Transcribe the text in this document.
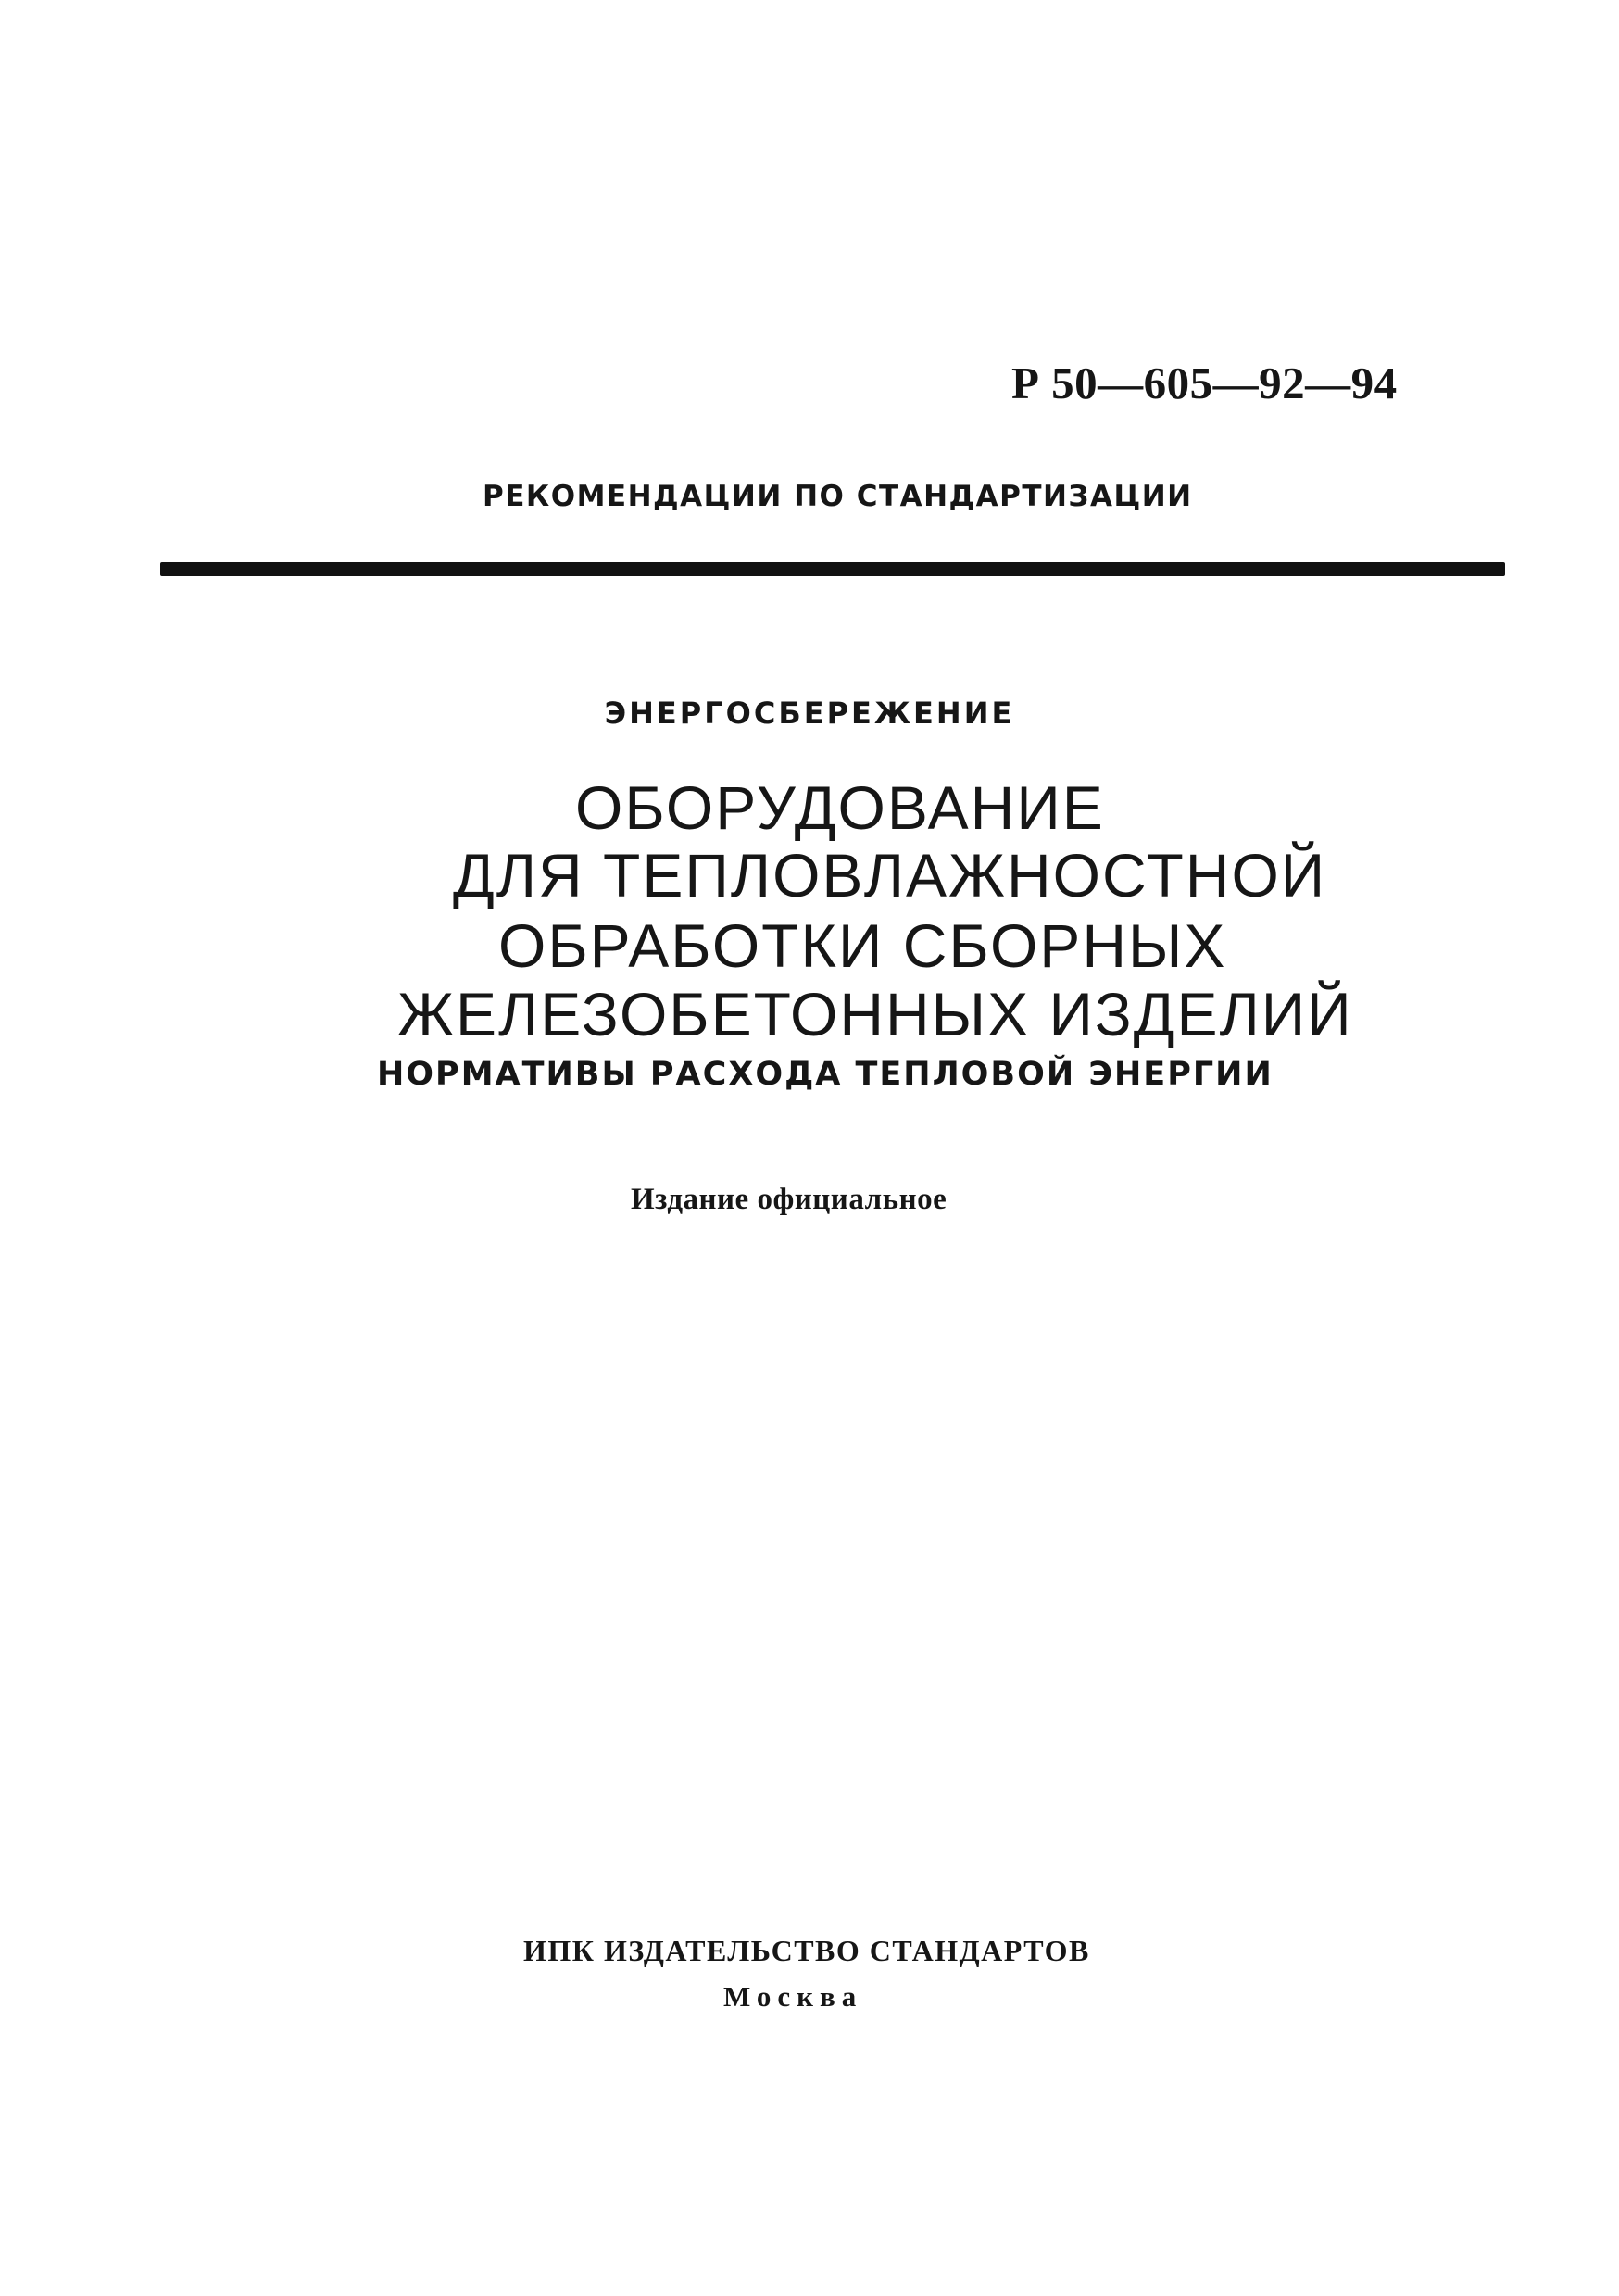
Р 50—605—92—94

РЕКОМЕНДАЦИИ ПО СТАНДАРТИЗАЦИИ

ЭНЕРГОСБЕРЕЖЕНИЕ

ОБОРУДОВАНИЕ

ДЛЯ ТЕПЛОВЛАЖНОСТНОЙ

ОБРАБОТКИ СБОРНЫХ

ЖЕЛЕЗОБЕТОННЫХ ИЗДЕЛИЙ

НОРМАТИВЫ РАСХОДА ТЕПЛОВОЙ ЭНЕРГИИ

Издание официальное

ИПК ИЗДАТЕЛЬСТВО СТАНДАРТОВ

Москва
